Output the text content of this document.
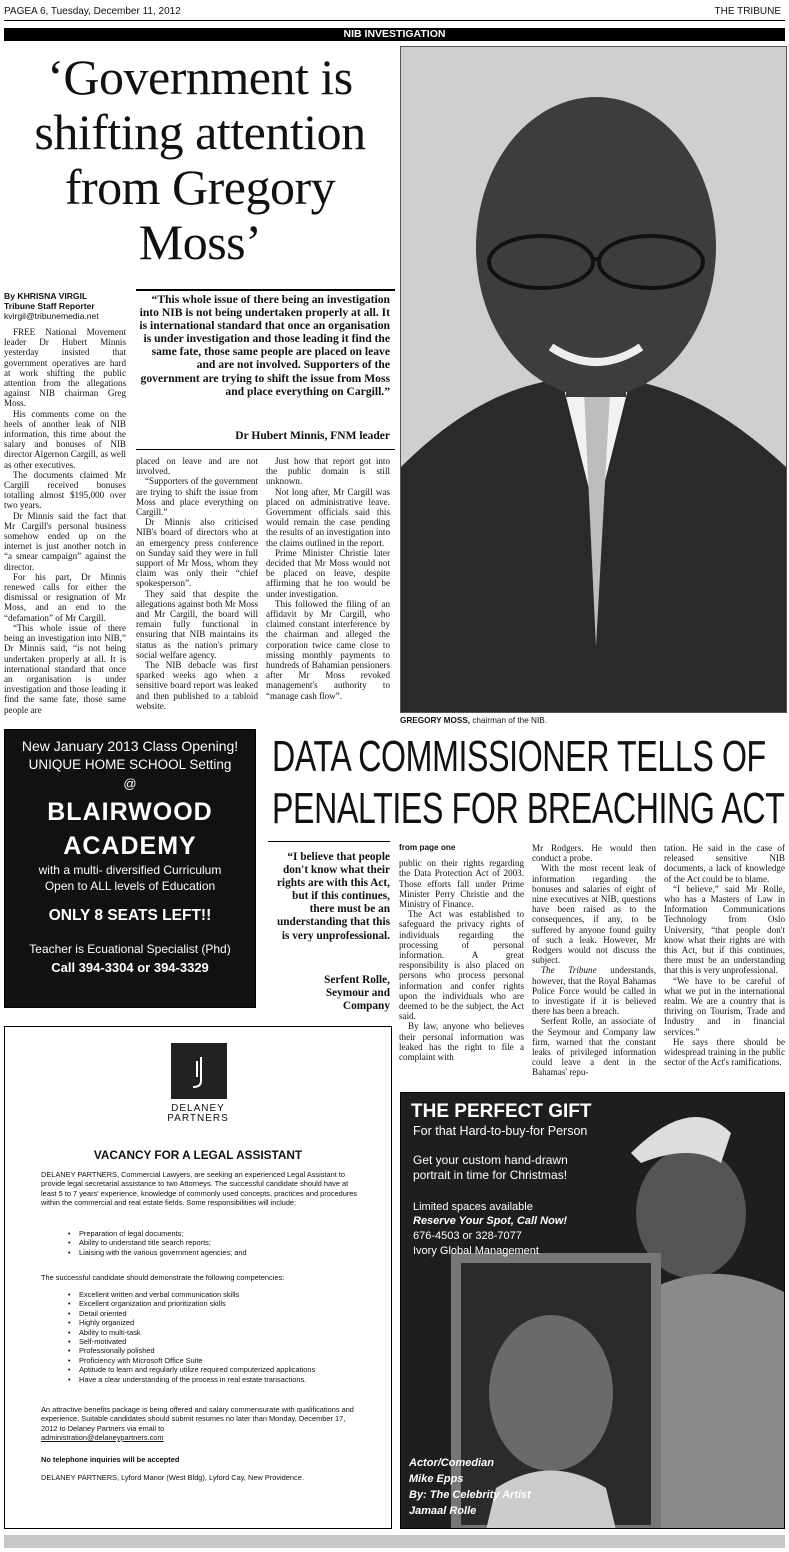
PAGEA 6, Tuesday, December 11, 2012	THE TRIBUNE
NIB INVESTIGATION
‘Government is shifting attention from Gregory Moss’
By KHRISNA VIRGIL
Tribune Staff Reporter
kvirgil@tribunemedia.net
“This whole issue of there being an investigation into NIB is not being undertaken properly at all. It is international standard that once an organisation is under investigation and those leading it find the same fate, those same people are placed on leave and are not involved. Supporters of the government are trying to shift the issue from Moss and place everything on Cargill.”
Dr Hubert Minnis, FNM leader

FREE National Movement leader Dr Hubert Minnis yesterday insisted that government operatives are hard at work shifting the public attention from the allegations against NIB chairman Greg Moss.

His comments come on the heels of another leak of NIB information, this time about the salary and bonuses of NIB director Algernon Cargill, as well as other executives.

The documents claimed Mr Cargill received bonuses totalling almost $195,000 over two years.

Dr Minnis said the fact that Mr Cargill's personal business somehow ended up on the internet is just another notch in “a smear campaign” against the director.

For his part, Dr Minnis renewed calls for either the dismissal or resignation of Mr Moss, and an end to the “defamation” of Mr Cargill.

“This whole issue of there being an investigation into NIB,” Dr Minnis said, “is not being undertaken properly at all. It is international standard that once an organisation is under investigation and those leading it find the same fate, those same people are

placed on leave and are not involved.

“Supporters of the government are trying to shift the issue from Moss and place everything on Cargill.”

Dr Minnis also criticised NIB's board of directors who at an emergency press conference on Sunday said they were in full support of Mr Moss, whom they claim was only their “chief spokesperson”.

They said that despite the allegations against both Mr Moss and Mr Cargill, the board will remain fully functional in ensuring that NIB maintains its status as the nation's primary social welfare agency.

The NIB debacle was first sparked weeks ago when a sensitive board report was leaked and then published to a tabloid website.

Just how that report got into the public domain is still unknown.

Not long after, Mr Cargill was placed on administrative leave. Government officials said this would remain the case pending the results of an investigation into the claims outlined in the report.

Prime Minister Christie later decided that Mr Moss would not be placed on leave, despite affirming that he too would be under investigation.

This followed the filing of an affidavit by Mr Cargill, who claimed constant interference by the chairman and alleged the corporation twice came close to missing monthly payments to hundreds of Bahamian pensioners after Mr Moss revoked management's authority to “manage cash flow”.

GREGORY MOSS, chairman of the NIB.
New January 2013 Class Opening!
UNIQUE HOME SCHOOL Setting
@
BLAIRWOOD
ACADEMY
with a multi- diversified Curriculum
Open to ALL levels of Education
ONLY 8 SEATS LEFT!!
Teacher is Ecuational Specialist (Phd)
Call 394-3304 or 394-3329
DATA COMMISSIONER TELLS OF
PENALTIES FOR BREACHING ACT
“I believe that people don't know what their rights are with this Act, but if this continues, there must be an understanding that this is very unprofessional.
Serfent Rolle, Seymour and Company
from page one

public on their rights regarding the Data Protection Act of 2003. Those efforts fall under Prime Minister Perry Christie and the Ministry of Finance.

The Act was established to safeguard the privacy rights of individuals regarding the processing of personal information. A great responsibility is also placed on persons who process personal information and confer rights upon the individuals who are deemed to be the subject, the Act said.

By law, anyone who believes their personal information was leaked has the right to file a complaint with

Mr Rodgers. He would then conduct a probe.

With the most recent leak of information regarding the bonuses and salaries of eight of nine executives at NIB, questions have been raised as to the consequences, if any, to be suffered by anyone found guilty of such a leak. However, Mr Rodgers would not discuss the subject.

The Tribune understands, however, that the Royal Bahamas Police Force would be called in to investigate if it is believed there has been a breach.

Serfent Rolle, an associate of the Seymour and Company law firm, warned that the constant leaks of privileged information could leave a dent in the Bahamas' repu-

tation. He said in the case of released sensitive NIB documents, a lack of knowledge of the Act could be to blame.

“I believe,” said Mr Rolle, who has a Masters of Law in Information Communications Technology from Oslo University, “that people don't know what their rights are with this Act, but if this continues, there must be an understanding that this is very unprofessional.

“We have to be careful of what we put in the international realm. We are a country that is thriving on Tourism, Trade and Industry and in financial services.”

He says there should be widespread training in the public sector of the Act's ramifications.

DELANEY
PARTNERS
VACANCY FOR A LEGAL ASSISTANT
DELANEY PARTNERS, Commercial Lawyers, are seeking an experienced Legal Assistant to provide legal secretarial assistance to two Attorneys. The successful candidate should have at least 5 to 7 years' experience, knowledge of commonly used concepts, practices and procedures within the commercial and real estate fields. Some responsibilities will include:
• Preparation of legal documents;
• Ability to understand title search reports;
• Liaising with the various government agencies; and
The successful candidate should demonstrate the following competencies:
• Excellent written and verbal communication skills
• Excellent organization and prioritization skills
• Detail oriented
• Highly organized
• Ability to multi-task
• Self-motivated
• Professionally polished
• Proficiency with Microsoft Office Suite
• Aptitude to learn and regularly utilize required computerized applications
• Have a clear understanding of the process in real estate transactions.
An attractive benefits package is being offered and salary commensurate with qualifications and experience. Suitable candidates should submit resumes no later than Monday, December 17, 2012 to Delaney Partners via email to
administration@delaneypartners.com
No telephone inquiries will be accepted
DELANEY PARTNERS, Lyford Manor (West Bldg), Lyford Cay, New Providence.
THE PERFECT GIFT
For that Hard-to-buy-for Person
Get your custom hand-drawn
portrait in time for Christmas!
Limited spaces available
Reserve Your Spot, Call Now!
676-4503 or 328-7077
Ivory Global Management
Actor/Comedian
Mike Epps
By: The Celebrity Artist
Jamaal Rolle
